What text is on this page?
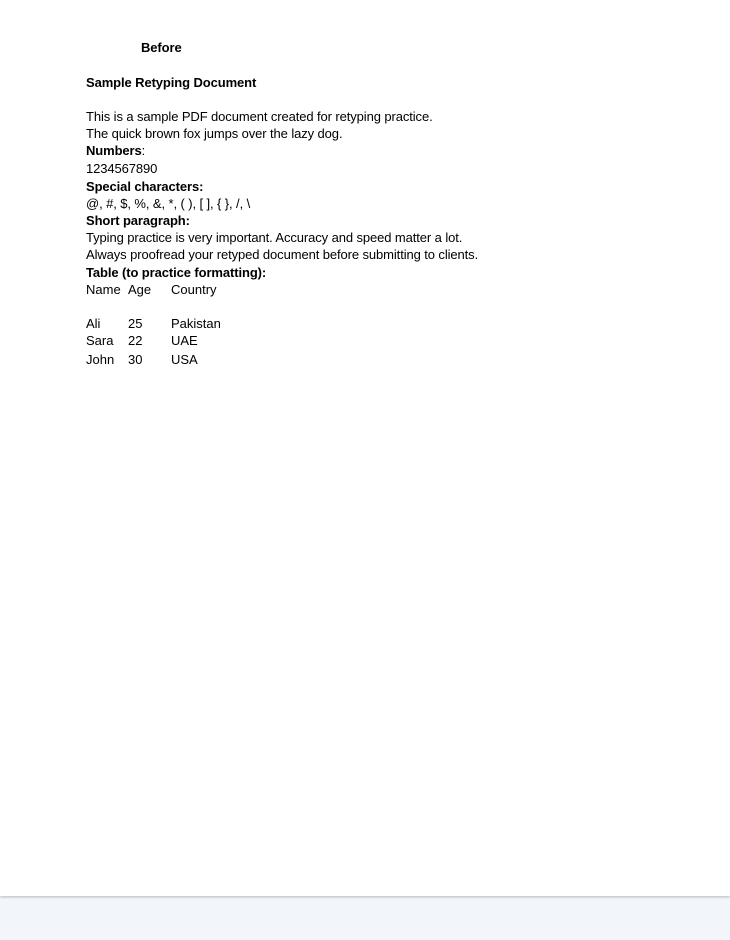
Before
Sample Retyping Document
This is a sample PDF document created for retyping practice.
The quick brown fox jumps over the lazy dog.
Numbers:
1234567890
Special characters:
@, #, $, %, &, *, ( ), [ ], { }, /, \
Short paragraph:
Typing practice is very important. Accuracy and speed matter a lot.
Always proofread your retyped document before submitting to clients.
Table (to practice formatting):
Name Age Country
Ali 25 Pakistan
Sara 22 UAE
John 30 USA
